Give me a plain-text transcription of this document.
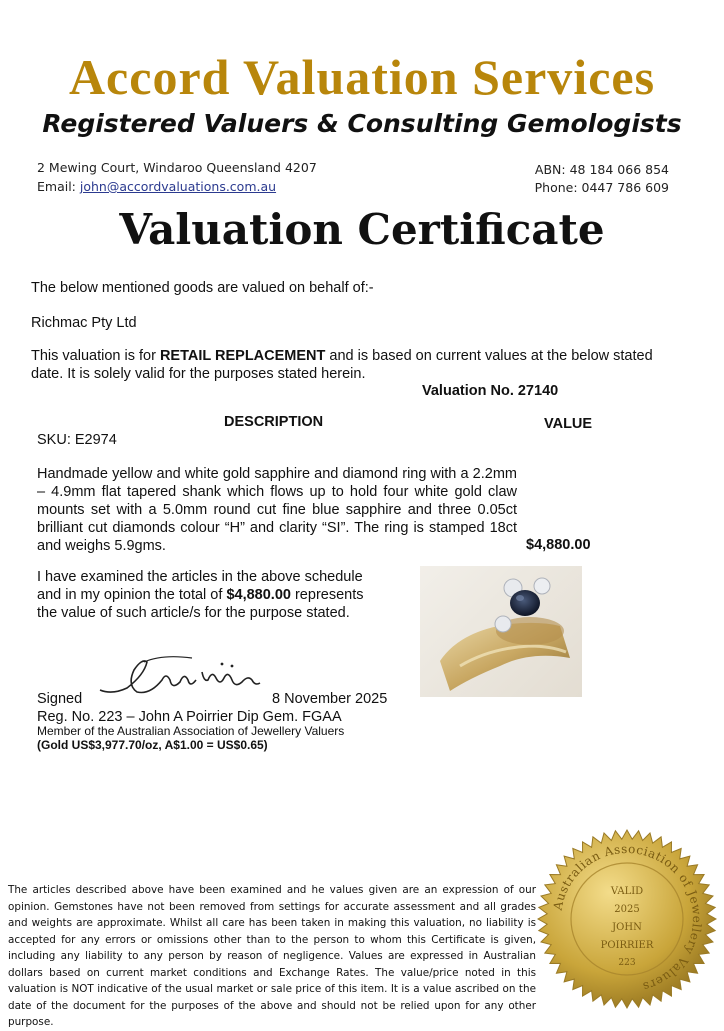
Accord Valuation Services
Registered Valuers & Consulting Gemologists
2 Mewing Court, Windaroo Queensland 4207
Email: john@accordvaluations.com.au
ABN: 48 184 066 854
Phone: 0447 786 609
Valuation Certificate
The below mentioned goods are valued on behalf of:-
Richmac Pty Ltd
This valuation is for RETAIL REPLACEMENT and is based on current values at the below stated date. It is solely valid for the purposes stated herein.
Valuation No. 27140
DESCRIPTION	VALUE
SKU: E2974
Handmade yellow and white gold sapphire and diamond ring with a 2.2mm – 4.9mm flat tapered shank which flows up to hold four white gold claw mounts set with a 5.0mm round cut fine blue sapphire and three 0.05ct brilliant cut diamonds colour “H” and clarity “SI”. The ring is stamped 18ct and weighs 5.9gms.	$4,880.00
I have examined the articles in the above schedule and in my opinion the total of $4,880.00 represents the value of such article/s for the purpose stated.
Signed	8 November 2025
Reg. No. 223 – John A Poirrier Dip Gem. FGAA
Member of the Australian Association of Jewellery Valuers
(Gold US$3,977.70/oz, A$1.00 = US$0.65)
The articles described above have been examined and he values given are an expression of our opinion. Gemstones have not been removed from settings for accurate assessment and all grades and weights are approximate. Whilst all care has been taken in making this valuation, no liability is accepted for any errors or omissions other than to the person to whom this Certificate is given, including any liability to any person by reason of negligence. Values are expressed in Australian dollars based on current market conditions and Exchange Rates. The value/price noted in this valuation is NOT indicative of the usual market or sale price of this item. It is a value ascribed on the date of the document for the purposes of the above and should not be relied upon for any other purpose.
Australian Association of Jewellery Valuers
VALID
2025
JOHN
POIRRIER
223
